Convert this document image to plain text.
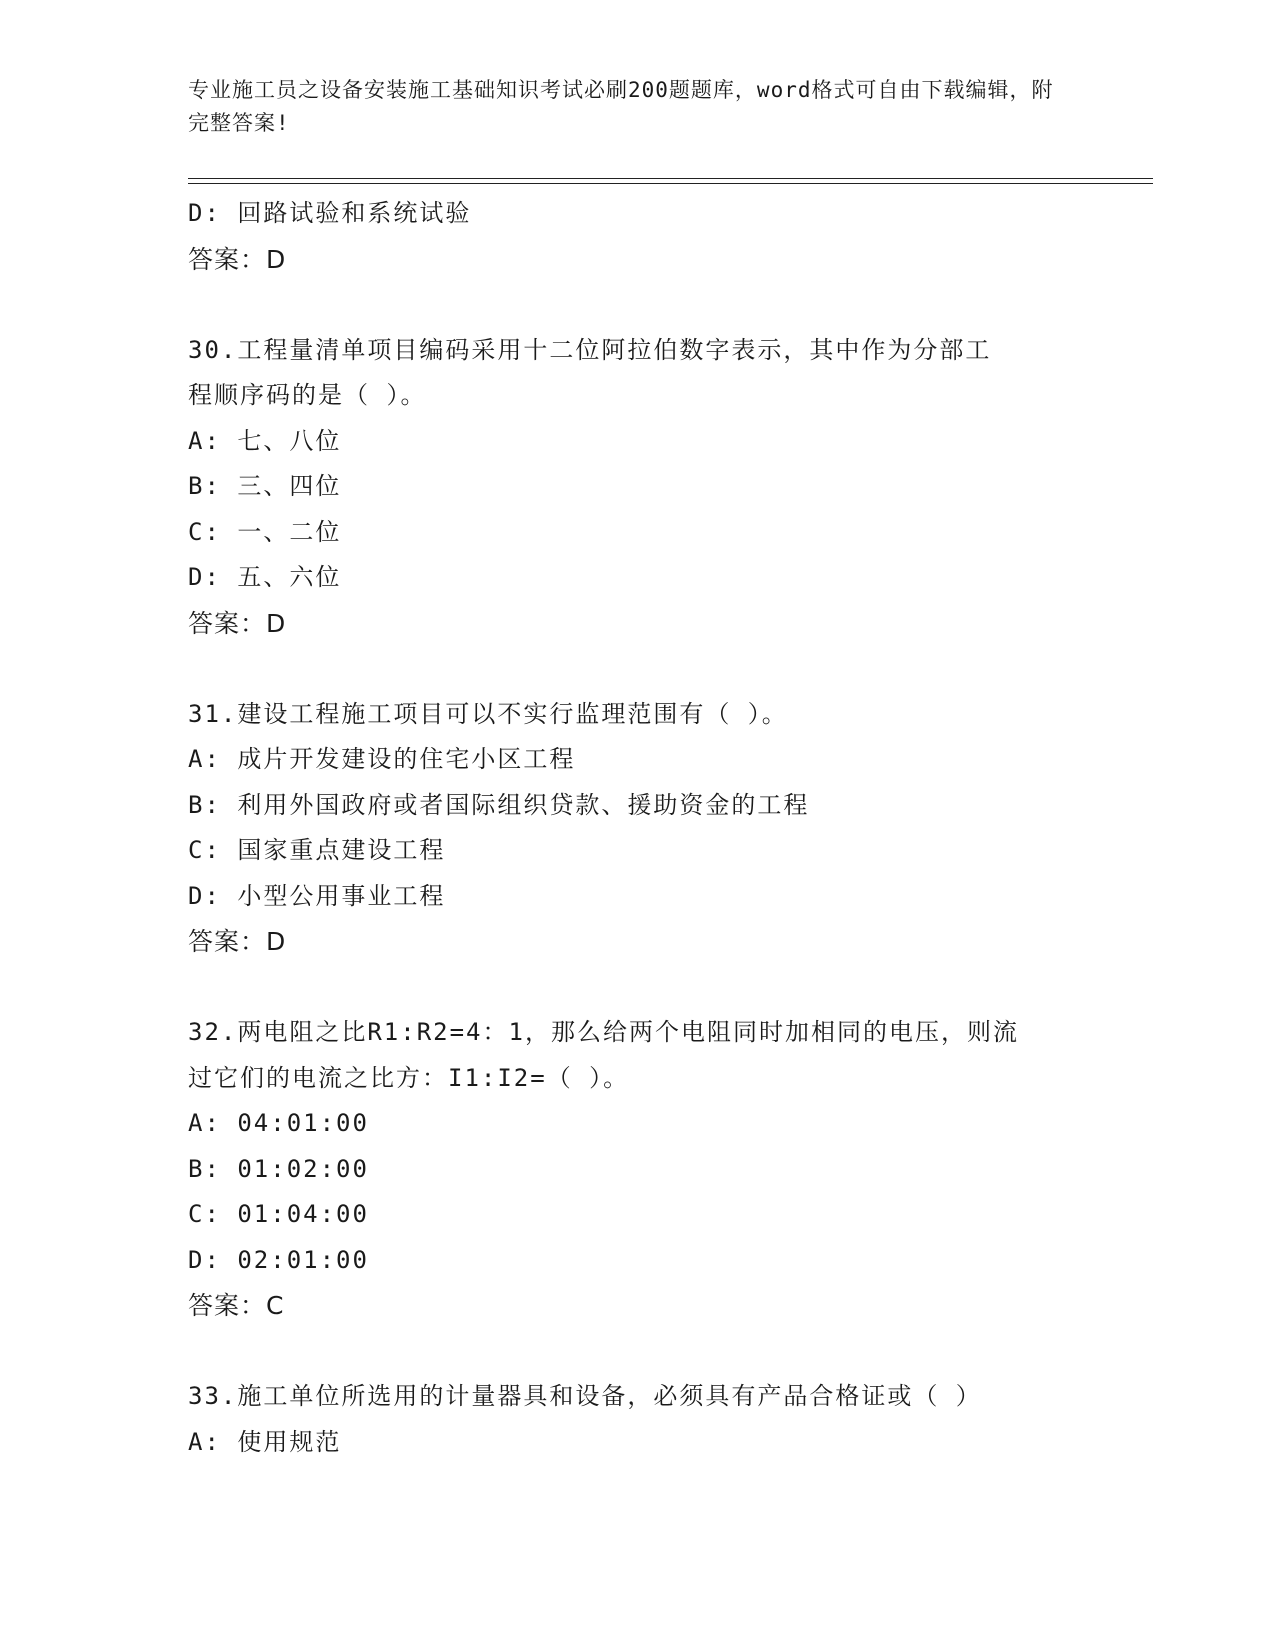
专业施工员之设备安装施工基础知识考试必刷200题题库，word格式可自由下载编辑，附完整答案!
D: 回路试验和系统试验
答案：D
30.工程量清单项目编码采用十二位阿拉伯数字表示，其中作为分部工
程顺序码的是（ ）。
A: 七、八位
B: 三、四位
C: 一、二位
D: 五、六位
答案：D
31.建设工程施工项目可以不实行监理范围有（ ）。
A: 成片开发建设的住宅小区工程
B: 利用外国政府或者国际组织贷款、援助资金的工程
C: 国家重点建设工程
D: 小型公用事业工程
答案：D
32.两电阻之比R1:R2=4：1，那么给两个电阻同时加相同的电压，则流
过它们的电流之比方：I1:I2=（ ）。
A: 04:01:00
B: 01:02:00
C: 01:04:00
D: 02:01:00
答案：C
33.施工单位所选用的计量器具和设备，必须具有产品合格证或（ ）
A: 使用规范
